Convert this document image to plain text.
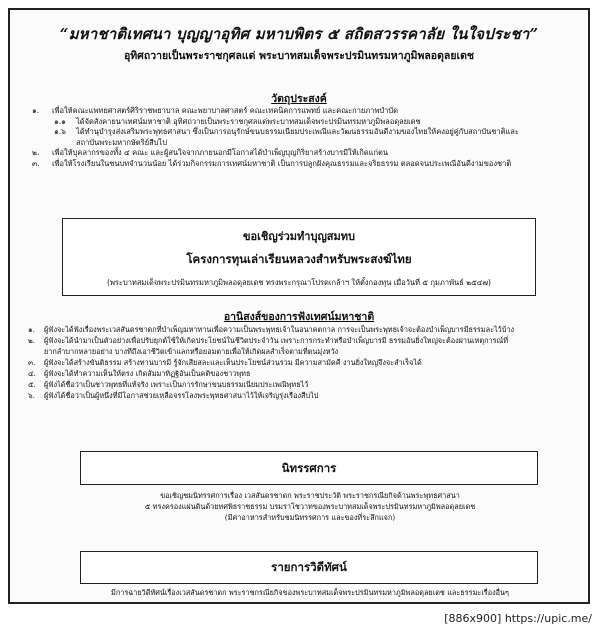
“มหาชาติเทศนา บุญญาอุทิศ มหาบพิตร ๕ สถิตสวรรคาลัย ในใจประชา”
อุทิศถวายเป็นพระราชกุศลแด่ พระบาทสมเด็จพระปรมินทรมหาภูมิพลอดุลยเดช
วัตถุประสงค์
๑.	เพื่อให้คณะแพทยศาสตร์ศิริราชพยาบาล คณะพยาบาลศาสตร์ คณะเทคนิคการแพทย์ และคณะกายภาพบำบัด
๑.๑	ได้จัดสังคายนาเทศน์มหาชาติ อุทิศถวายเป็นพระราชกุศลแด่พระบาทสมเด็จพระปรมินทรมหาภูมิพลอดุลยเดช
๑.๖	ได้ทำนุบำรุงส่งเสริมพระพุทธศาสนา ซึ่งเป็นการอนุรักษ์ขนบธรรมเนียมประเพณีและวัฒนธรรมอันดีงามของไทยให้คงอยู่คู่กับสถาบันชาติและ
สถาบันพระมหากษัตริย์สืบไป
๒.	เพื่อให้บุคลากรของทั้ง ๔ คณะ และผู้สนใจจากภายนอกมีโอกาสได้บำเพ็ญบุญกิริยาสร้างบารมีให้เกิดแก่ตน
๓.	เพื่อให้โรงเรียนในชนบทจำนวนน้อย ได้ร่วมกิจกรรมการเทศน์มหาชาติ เป็นการปลูกฝังคุณธรรมและจริยธรรม ตลอดจนประเพณีอันดีงามของชาติ
ขอเชิญร่วมทำบุญสมทบ
โครงการทุนเล่าเรียนหลวงสำหรับพระสงฆ์ไทย
(พระบาทสมเด็จพระปรมินทรมหาภูมิพลอดุลยเดช ทรงพระกรุณาโปรดเกล้าฯ ให้ตั้งกองทุน เมื่อวันที่ ๕ กุมภาพันธ์ ๒๕๔๗)
อานิสงส์ของการฟังเทศน์มหาชาติ
๑.	ผู้ฟังจะได้ฟังเรื่องพระเวสสันดรชาดกที่บำเพ็ญมหาทานเพื่อความเป็นพระพุทธเจ้าในอนาคตกาล การจะเป็นพระพุทธเจ้าจะต้องบำเพ็ญบารมีธรรมละไว้บ้าง
๒.	ผู้ฟังจะได้นำมาเป็นตัวอย่างเพื่อปรับยุกต์ใช้ให้เกิดประโยชน์ในชีวิตประจำวัน เพราะการกระทำหรือบำเพ็ญบารมี ธรรมอันยิ่งใหญ่จะต้องผ่านเหตุการณ์ที่
ยากลำบากหลายอย่าง บางทีถึงเอาชีวิตเข้าแลกหรือยอมตายเพื่อให้เกิดผลสำเร็จตามที่ตนมุ่งหวัง
๓.	ผู้ฟังจะได้สร้างขันติธรรม สร้างทานบารมี รู้จักเสียสละและเห็นประโยชน์ส่วนรวม มีความสามัคคี งานยิ่งใหญ่จึงจะสำเร็จได้
๔.	ผู้ฟังจะได้ทำความเห็นให้ตรง เกิดสัมมาทิฏฐิอันเป็นคติของชาวพุทธ
๕.	ผู้ฟังได้ชื่อว่าเป็นชาวพุทธที่แท้จริง เพราะเป็นการรักษาขนบธรรมเนียมประเพณีพุทธไว้
๖.	ผู้ฟังได้ชื่อว่าเป็นผู้หนึ่งที่มีโอกาสช่วยเหลือจรรโลงพระพุทธศาสนาไว้ให้เจริญรุ่งเรืองสืบไป
นิทรรศการ
ขอเชิญชมนิทรรศการเรื่อง เวสสันดรชาดก พระราชประวัติ พระราชกรณียกิจด้านพระพุทธศาสนา
๕ ทรงครองแผ่นดินด้วยทศพิธราชธรรม บรมราโชวาทของพระบาทสมเด็จพระปรมินทรมหาภูมิพลอดุลยเดช
(มีค่าอาหารสำหรับชมนิทรรศการ และของที่ระลึกแจก)
รายการวิดีทัศน์
มีการฉายวิดีทัศน์เรื่องเวสสันดรชาดก พระราชกรณียกิจของพระบาทสมเด็จพระปรมินทรมหาภูมิพลอดุลยเดช และธรรมะเรื่องอื่นๆ
[886x900] https://upic.me/
